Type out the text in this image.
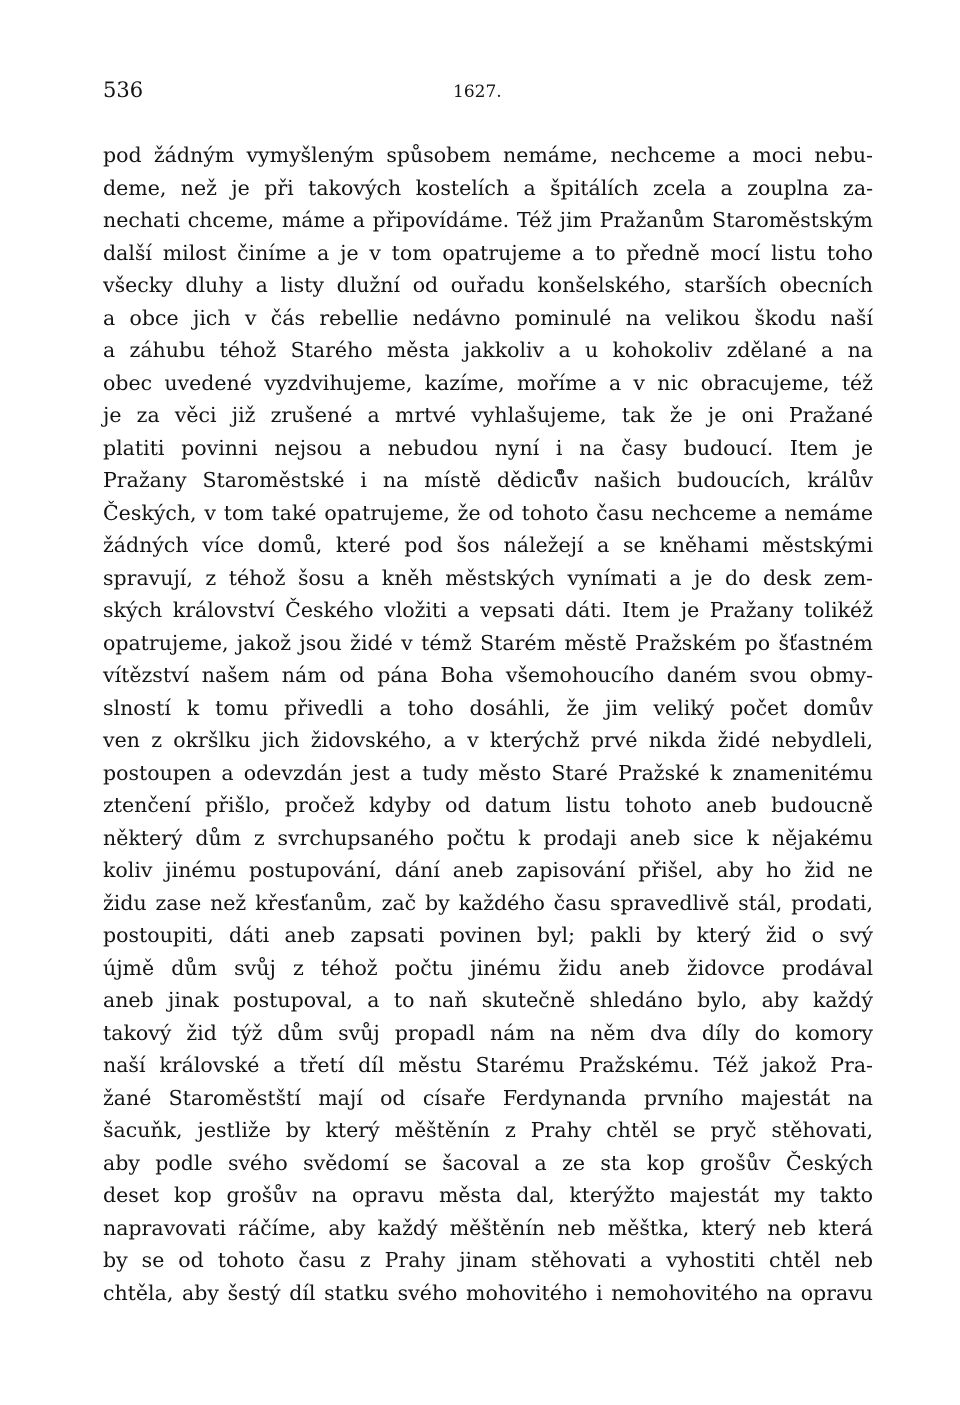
536	1627.
pod žádným vymyšleným spůsobem nemáme, nechceme a moci nebu-
deme, než je při takových kostelích a špitálích zcela a zouplna za-
nechati chceme, máme a připovídáme. Též jim Pražanům Staroměstským
další milost činíme a je v tom opatrujeme a to předně mocí listu toho
všecky dluhy a listy dlužní od ouřadu konšelského, starších obecních
a obce jich v čás rebellie nedávno pominulé na velikou škodu naší
a záhubu téhož Starého města jakkoliv a u kohokoliv zdělané a na
obec uvedené vyzdvihujeme, kazíme, mořímе a v nic obracujeme, též
je za věci již zrušené a mrtvé vyhlašujeme, tak že je oni Pražané
platiti povinni nejsou a nebudou nyní i na časy budoucí. Item je
Pražany Staroměstské i na místě dědiců̊v našich budoucích, králův
Českých, v tom také opatrujeme, že od tohoto času nechceme a nemáme
žádných více domů, které pod šos náležejí a se kněhami městskými
spravují, z téhož šosu a kněh městských vynímati a je do desk zem-
ských království Českého vložiti a vepsati dáti. Item je Pražany tolikéž
opatrujeme, jakož jsou židé v témž Starém městě Pražském po šťastném
vítězství našem nám od pána Boha všemohoucího daném svou obmy-
slností k tomu přivedli a toho dosáhli, že jim veliký počet domův
ven z okršlku jich židovského, a v kterýchž prvé nikda židé nebydleli,
postoupen a odevzdán jest a tudy město Staré Pražské k znamenitému
ztenčení přišlo, pročež kdyby od datum listu tohoto aneb budoucně
některý dům z svrchupsaného počtu k prodaji aneb sice k nějakému
koliv jinému postupování, dání aneb zapisování přišel, aby ho žid ne
židu zase než křesťanům, zač by každého času spravedlivě stál, prodati,
postoupiti, dáti aneb zapsati povinen byl; pakli by který žid o svý
újmě dům svůj z téhož počtu jinému židu aneb židovce prodával
aneb jinak postupoval, a to naň skutečně shledáno bylo, aby každý
takový žid týž dům svůj propadl nám na něm dva díly do komory
naší královské a třetí díl městu Starému Pražskému. Též jakož Pra-
žané Staroměstští mají od císaře Ferdynanda prvního majestát na
šacuňk, jestliže by který měštěnín z Prahy chtěl se pryč stěhovati,
aby podle svého svědomí se šacoval a ze sta kop grošův Českých
deset kop grošův na opravu města dal, kterýžto majestát my takto
napravovati ráčíme, aby každý měštěnín neb měštka, který neb která
by se od tohoto času z Prahy jinam stěhovati a vyhostiti chtěl neb
chtěla, aby šestý díl statku svého mohovitého i nemohovitého na opravu
